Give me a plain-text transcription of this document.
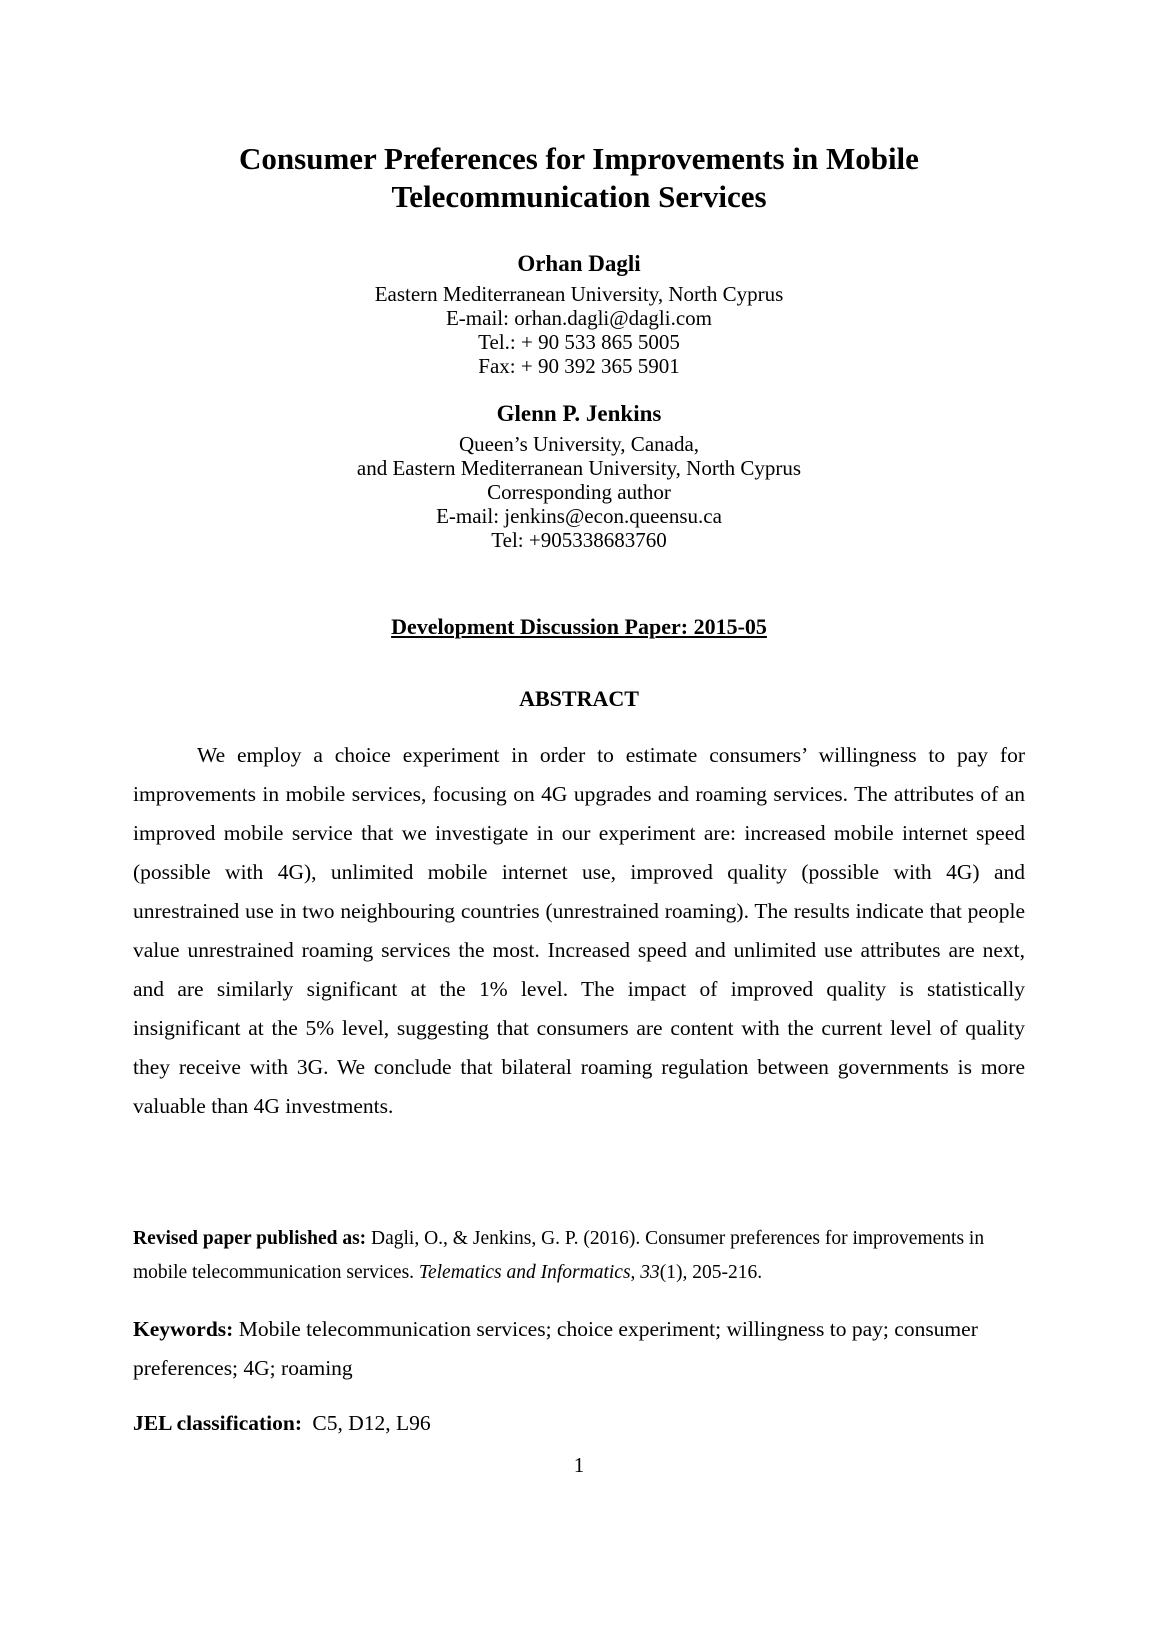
Consumer Preferences for Improvements in Mobile
Telecommunication Services

Orhan Dagli

Eastern Mediterranean University, North Cyprus

E-mail: orhan.dagli@dagli.com

Tel.: + 90 533 865 5005

Fax: + 90 392 365 5901

Glenn P. Jenkins

Queen’s University, Canada,

and Eastern Mediterranean University, North Cyprus

Corresponding author

E-mail: jenkins@econ.queensu.ca

Tel: +905338683760

Development Discussion Paper: 2015-05

ABSTRACT

We employ a choice experiment in order to estimate consumers’ willingness to pay for improvements in mobile services, focusing on 4G upgrades and roaming services. The attributes of an improved mobile service that we investigate in our experiment are: increased mobile internet speed (possible with 4G), unlimited mobile internet use, improved quality (possible with 4G) and unrestrained use in two neighbouring countries (unrestrained roaming). The results indicate that people value unrestrained roaming services the most. Increased speed and unlimited use attributes are next, and are similarly significant at the 1% level. The impact of improved quality is statistically insignificant at the 5% level, suggesting that consumers are content with the current level of quality they receive with 3G. We conclude that bilateral roaming regulation between governments is more valuable than 4G investments.

Revised paper published as: Dagli, O., & Jenkins, G. P. (2016). Consumer preferences for improvements in mobile telecommunication services. Telematics and Informatics, 33(1), 205-216.

Keywords: Mobile telecommunication services; choice experiment; willingness to pay; consumer preferences; 4G; roaming

JEL classification: C5, D12, L96

1
